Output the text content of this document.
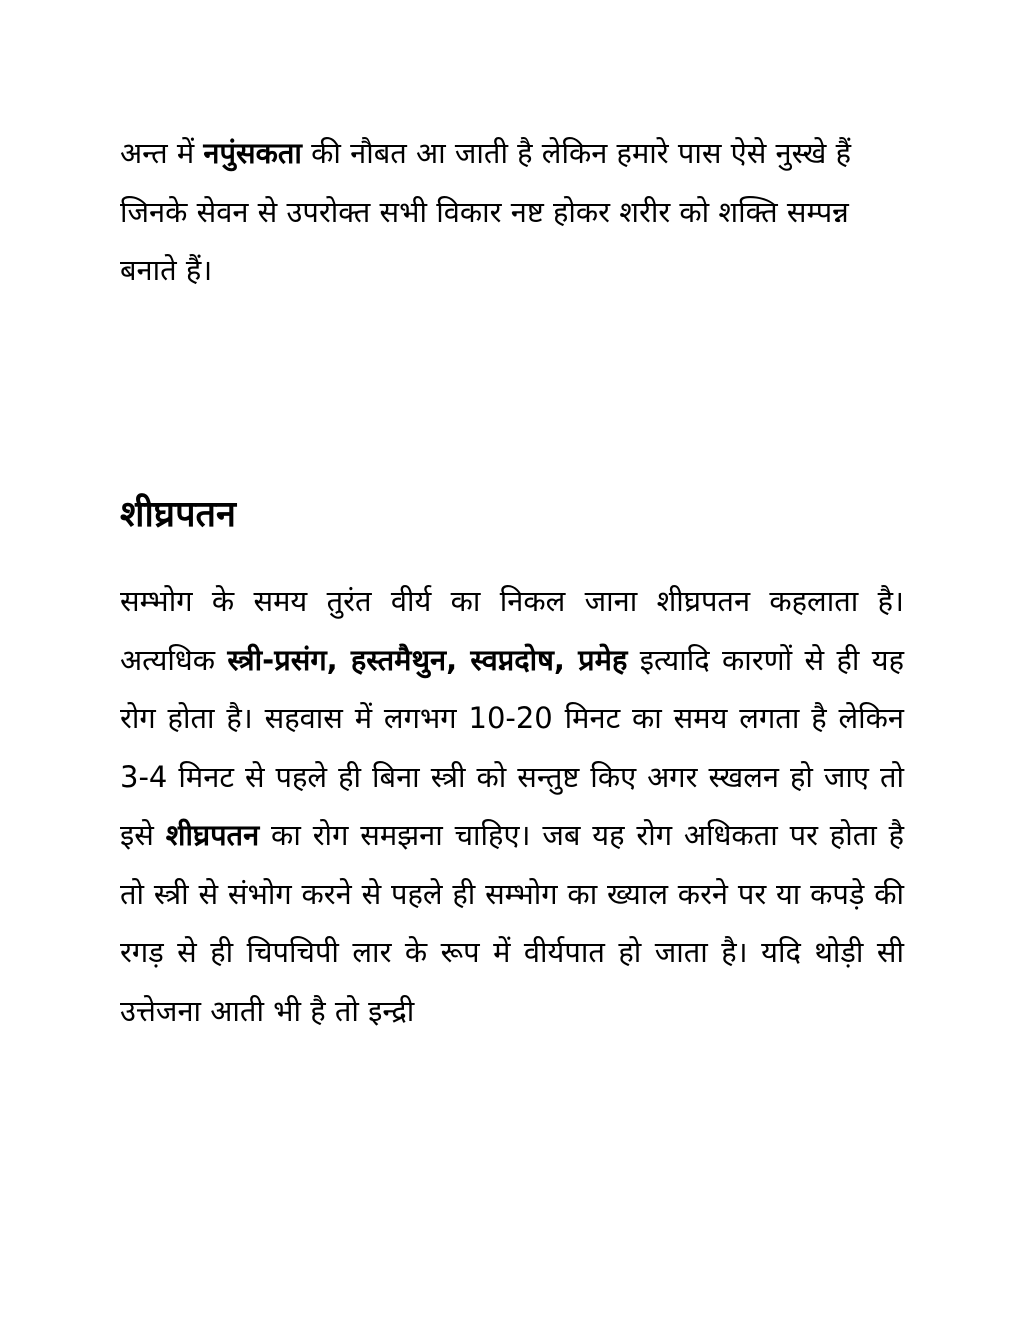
अन्त में नपुंसकता की नौबत आ जाती है लेकिन हमारे पास ऐसे नुस्खे हैं जिनके सेवन से उपरोक्त सभी विकार नष्ट होकर शरीर को शक्ति सम्पन्न बनाते हैं।

शीघ्रपतन

सम्भोग के समय तुरंत वीर्य का निकल जाना शीघ्रपतन कहलाता है। अत्यधिक स्त्री-प्रसंग, हस्तमैथुन, स्वप्नदोष, प्रमेह इत्यादि कारणों से ही यह रोग होता है। सहवास में लगभग 10-20 मिनट का समय लगता है लेकिन 3-4 मिनट से पहले ही बिना स्त्री को सन्तुष्ट किए अगर स्खलन हो जाए तो इसे शीघ्रपतन का रोग समझना चाहिए। जब यह रोग अधिकता पर होता है तो स्त्री से संभोग करने से पहले ही सम्भोग का ख्याल करने पर या कपड़े की रगड़ से ही चिपचिपी लार के रूप में वीर्यपात हो जाता है। यदि थोड़ी सी उत्तेजना आती भी है तो इन्द्री
